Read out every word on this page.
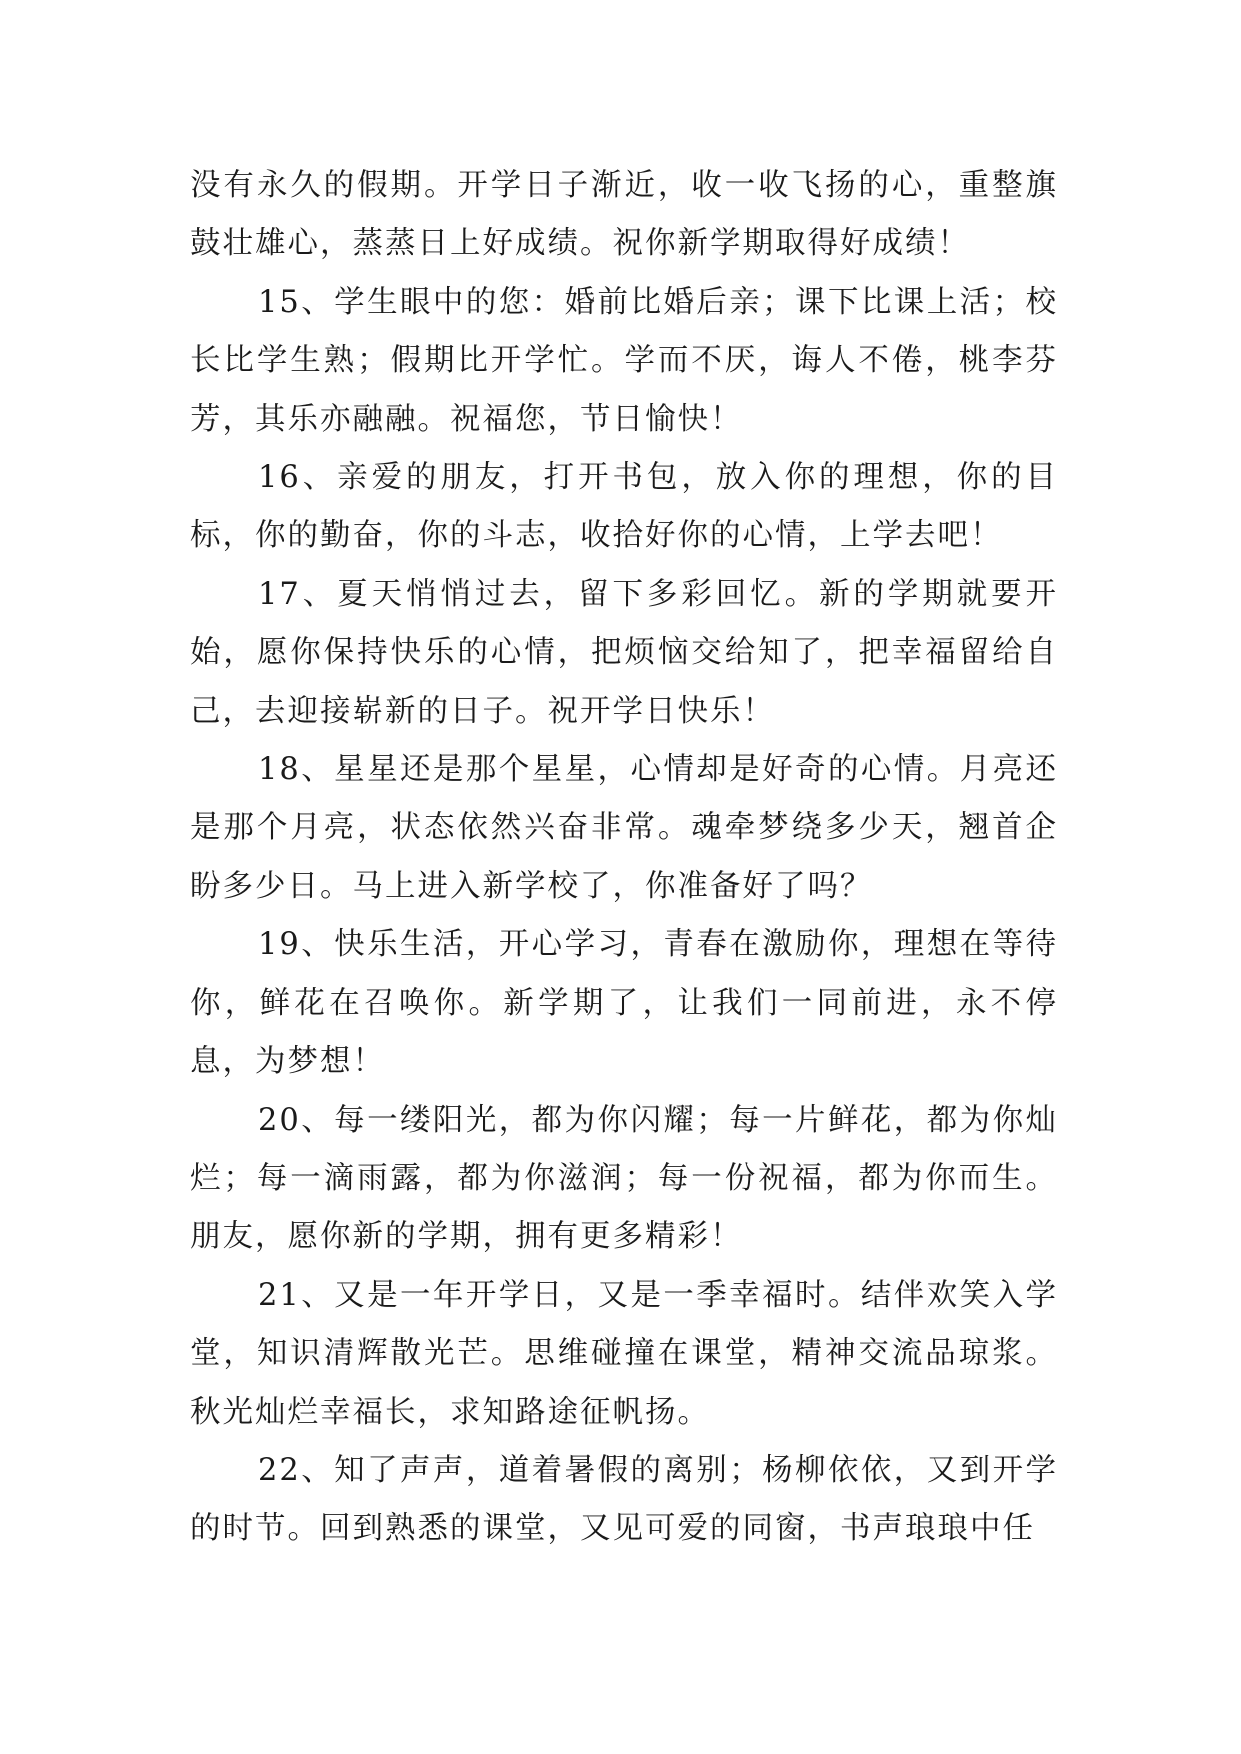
没有永久的假期。开学日子渐近，收一收飞扬的心，重整旗鼓壮雄心，蒸蒸日上好成绩。祝你新学期取得好成绩！

15、学生眼中的您：婚前比婚后亲；课下比课上活；校长比学生熟；假期比开学忙。学而不厌，诲人不倦，桃李芬芳，其乐亦融融。祝福您，节日愉快！

16、亲爱的朋友，打开书包，放入你的理想，你的目标，你的勤奋，你的斗志，收拾好你的心情，上学去吧！

17、夏天悄悄过去，留下多彩回忆。新的学期就要开始，愿你保持快乐的心情，把烦恼交给知了，把幸福留给自己，去迎接崭新的日子。祝开学日快乐！

18、星星还是那个星星，心情却是好奇的心情。月亮还是那个月亮，状态依然兴奋非常。魂牵梦绕多少天，翘首企盼多少日。马上进入新学校了，你准备好了吗？

19、快乐生活，开心学习，青春在激励你，理想在等待你，鲜花在召唤你。新学期了，让我们一同前进，永不停息，为梦想！

20、每一缕阳光，都为你闪耀；每一片鲜花，都为你灿烂；每一滴雨露，都为你滋润；每一份祝福，都为你而生。朋友，愿你新的学期，拥有更多精彩！

21、又是一年开学日，又是一季幸福时。结伴欢笑入学堂，知识清辉散光芒。思维碰撞在课堂，精神交流品琼浆。秋光灿烂幸福长，求知路途征帆扬。

22、知了声声，道着暑假的离别；杨柳依依，又到开学的时节。回到熟悉的课堂，又见可爱的同窗，书声琅琅中任
